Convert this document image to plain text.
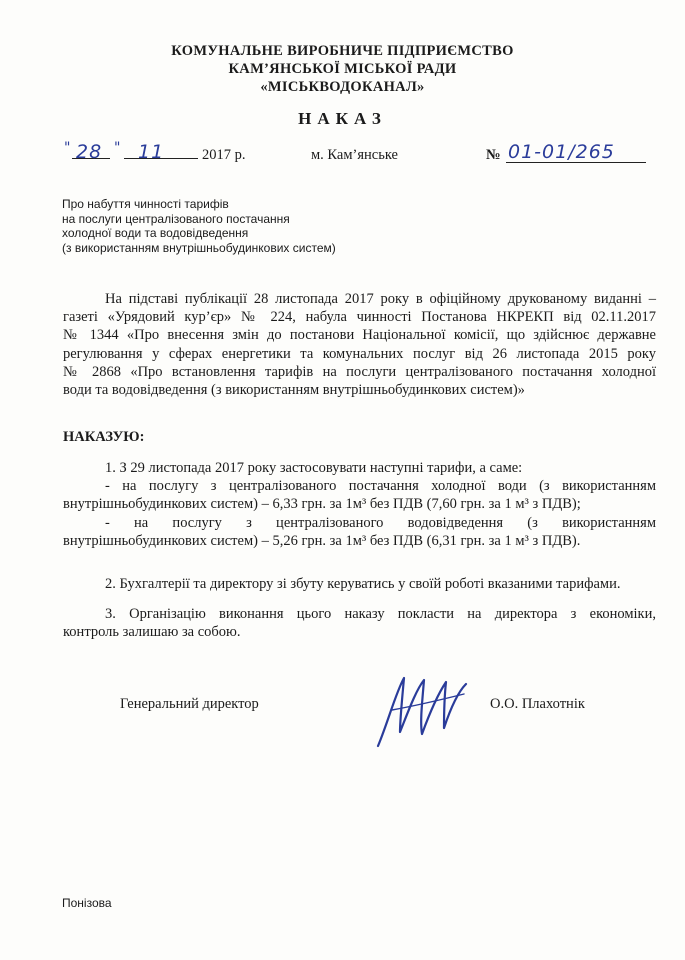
КОМУНАЛЬНЕ ВИРОБНИЧЕ ПІДПРИЄМСТВО
КАМ’ЯНСЬКОЇ МІСЬКОЇ РАДИ
«МІСЬКВОДОКАНАЛ»
НАКАЗ
" 28 " 11	2017 р.	м. Кам’янське	№ 01-01/265
Про набуття чинності тарифів
на послуги централізованого постачання
холодної води та водовідведення
(з використанням внутрішньобудинкових систем)
На підставі публікації 28 листопада 2017 року в офіційному друкованому виданні –
газеті «Урядовий кур’єр» № 224, набула чинності Постанова НКРЕКП від 02.11.2017
№ 1344 «Про внесення змін до постанови Національної комісії, що здійснює державне
регулювання у сферах енергетики та комунальних послуг від 26 листопада 2015 року
№ 2868 «Про встановлення тарифів на послуги централізованого постачання холодної
води та водовідведення (з використанням внутрішньобудинкових систем)»
НАКАЗУЮ:
1. З 29 листопада 2017 року застосовувати наступні тарифи, а саме:
- на послугу з централізованого постачання холодної води (з використанням
внутрішньобудинкових систем) – 6,33 грн. за 1м³ без ПДВ (7,60 грн. за 1 м³ з ПДВ);
- на послугу з централізованого водовідведення (з використанням
внутрішньобудинкових систем) – 5,26 грн. за 1м³ без ПДВ (6,31 грн. за 1 м³ з ПДВ).
2. Бухгалтерії та директору зі збуту керуватись у своїй роботі вказаними тарифами.
3. Організацію виконання цього наказу покласти на директора з економіки,
контроль залишаю за собою.
Генеральний директор	О.О. Плахотнік
Понізова
